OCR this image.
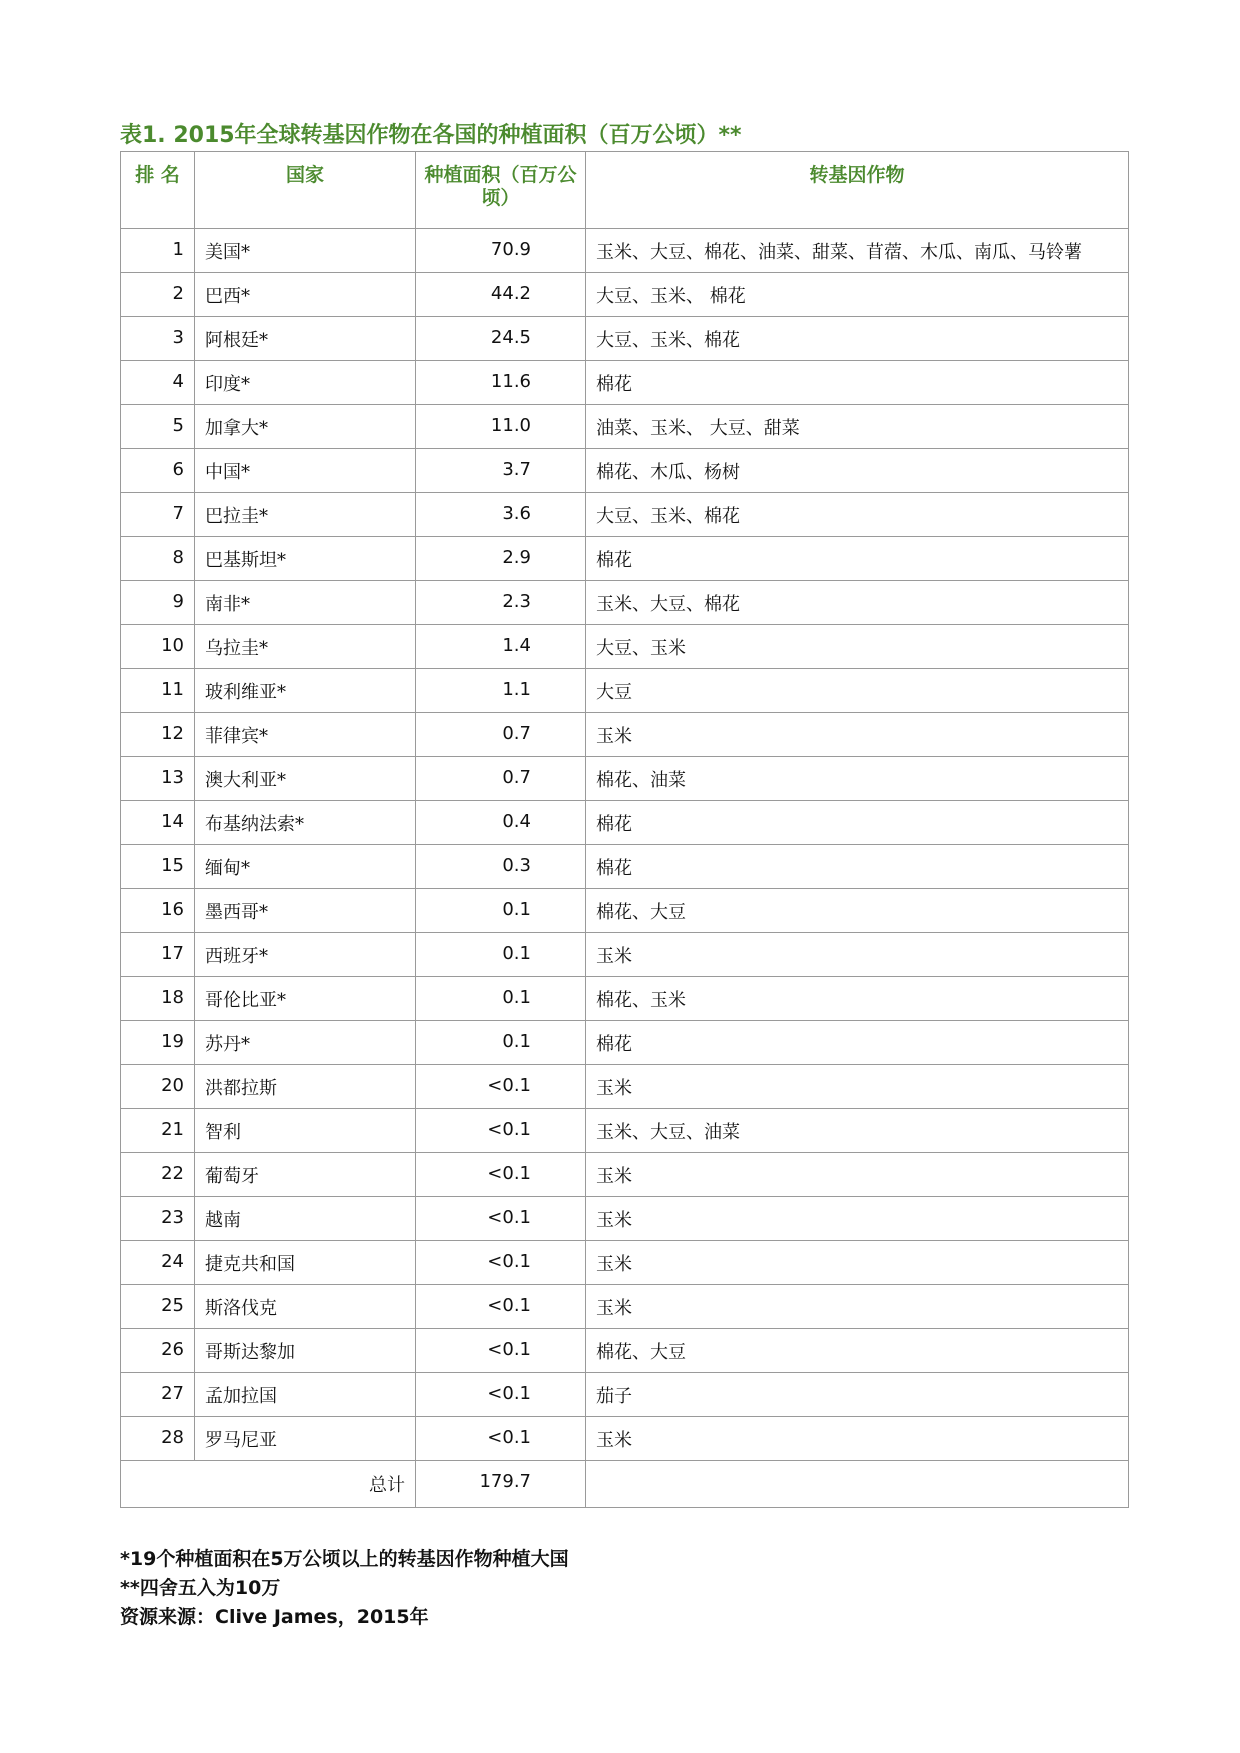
表1. 2015年全球转基因作物在各国的种植面积（百万公顷）**
排 名	国家	种植面积（百万公顷）	转基因作物
1	美国*	70.9	玉米、大豆、棉花、油菜、甜菜、苜蓿、木瓜、南瓜、马铃薯
2	巴西*	44.2	大豆、玉米、 棉花
3	阿根廷*	24.5	大豆、玉米、棉花
4	印度*	11.6	棉花
5	加拿大*	11.0	油菜、玉米、 大豆、甜菜
6	中国*	3.7	棉花、木瓜、杨树
7	巴拉圭*	3.6	大豆、玉米、棉花
8	巴基斯坦*	2.9	棉花
9	南非*	2.3	玉米、大豆、棉花
10	乌拉圭*	1.4	大豆、玉米
11	玻利维亚*	1.1	大豆
12	菲律宾*	0.7	玉米
13	澳大利亚*	0.7	棉花、油菜
14	布基纳法索*	0.4	棉花
15	缅甸*	0.3	棉花
16	墨西哥*	0.1	棉花、大豆
17	西班牙*	0.1	玉米
18	哥伦比亚*	0.1	棉花、玉米
19	苏丹*	0.1	棉花
20	洪都拉斯	<0.1	玉米
21	智利	<0.1	玉米、大豆、油菜
22	葡萄牙	<0.1	玉米
23	越南	<0.1	玉米
24	捷克共和国	<0.1	玉米
25	斯洛伐克	<0.1	玉米
26	哥斯达黎加	<0.1	棉花、大豆
27	孟加拉国	<0.1	茄子
28	罗马尼亚	<0.1	玉米
总计		179.7	
*19个种植面积在5万公顷以上的转基因作物种植大国
**四舍五入为10万
资源来源：Clive James，2015年
